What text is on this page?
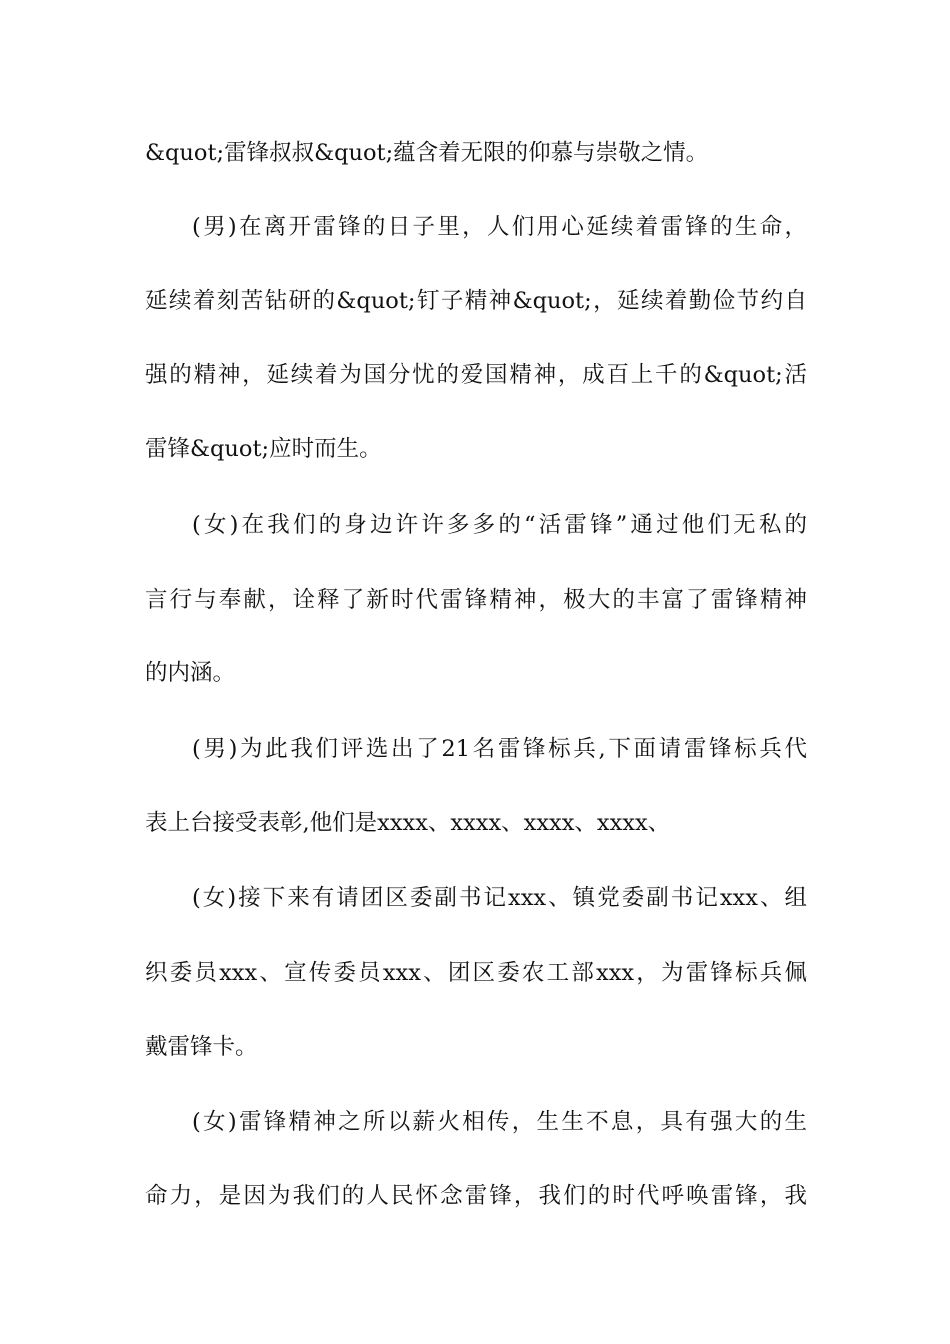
&quot;雷锋叔叔&quot;蕴含着无限的仰慕与崇敬之情。
(男)在离开雷锋的日子里，人们用心延续着雷锋的生命，
延续着刻苦钻研的&quot;钉子精神&quot;，延续着勤俭节约自
强的精神，延续着为国分忧的爱国精神，成百上千的&quot;活
雷锋&quot;应时而生。
(女)在我们的身边许许多多的“活雷锋”通过他们无私的
言行与奉献，诠释了新时代雷锋精神，极大的丰富了雷锋精神
的内涵。
(男)为此我们评选出了21名雷锋标兵,下面请雷锋标兵代
表上台接受表彰,他们是xxxx、xxxx、xxxx、xxxx、
(女)接下来有请团区委副书记xxx、镇党委副书记xxx、组
织委员xxx、宣传委员xxx、团区委农工部xxx，为雷锋标兵佩
戴雷锋卡。
(女)雷锋精神之所以薪火相传，生生不息，具有强大的生
命力，是因为我们的人民怀念雷锋，我们的时代呼唤雷锋，我
